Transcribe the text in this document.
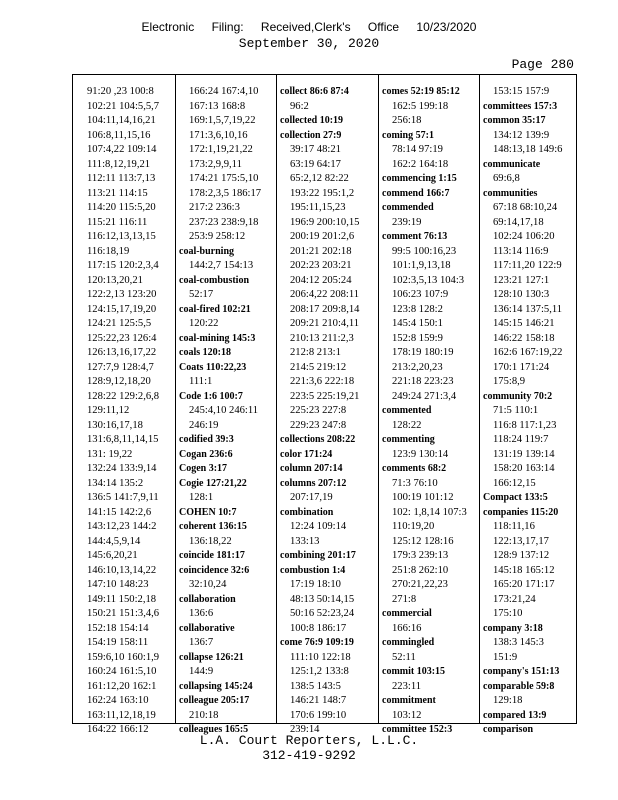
Electronic Filing: Received,Clerk's Office 10/23/2020
September 30, 2020
Page 280
91:20 ,23 100:8
102:21 104:5,5,7
104:11,14,16,21
106:8,11,15,16
107:4,22 109:14
111:8,12,19,21
112:11 113:7,13
113:21 114:15
114:20 115:5,20
115:21 116:11
116:12,13,13,15
116:18,19
117:15 120:2,3,4
120:13,20,21
122:2,13 123:20
124:15,17,19,20
124:21 125:5,5
125:22,23 126:4
126:13,16,17,22
127:7,9 128:4,7
128:9,12,18,20
128:22 129:2,6,8
129:11,12
130:16,17,18
131:6,8,11,14,15
131: 19,22
132:24 133:9,14
134:14 135:2
136:5 141:7,9,11
141:15 142:2,6
143:12,23 144:2
144:4,5,9,14
145:6,20,21
146:10,13,14,22
147:10 148:23
149:11 150:2,18
150:21 151:3,4,6
152:18 154:14
154:19 158:11
159:6,10 160:1,9
160:24 161:5,10
161:12,20 162:1
162:24 163:10
163:11,12,18,19
164:22 166:12
166:24 167:4,10
167:13 168:8
169:1,5,7,19,22
171:3,6,10,16
172:1,19,21,22
173:2,9,9,11
174:21 175:5,10
178:2,3,5 186:17
217:2 236:3
237:23 238:9,18
253:9 258:12
coal-burning
144:2,7 154:13
coal-combustion
52:17
coal-fired 102:21
120:22
coal-mining 145:3
coals 120:18
Coats 110:22,23
111:1
Code 1:6 100:7
245:4,10 246:11
246:19
codified 39:3
Cogan 236:6
Cogen 3:17
Cogie 127:21,22
128:1
COHEN 10:7
coherent 136:15
136:18,22
coincide 181:17
coincidence 32:6
32:10,24
collaboration
136:6
collaborative
136:7
collapse 126:21
144:9
collapsing 145:24
colleague 205:17
210:18
colleagues 165:5
collect 86:6 87:4
96:2
collected 10:19
collection 27:9
39:17 48:21
63:19 64:17
65:2,12 82:22
193:22 195:1,2
195:11,15,23
196:9 200:10,15
200:19 201:2,6
201:21 202:18
202:23 203:21
204:12 205:24
206:4,22 208:11
208:17 209:8,14
209:21 210:4,11
210:13 211:2,3
212:8 213:1
214:5 219:12
221:3,6 222:18
223:5 225:19,21
225:23 227:8
229:23 247:8
collections 208:22
color 171:24
column 207:14
columns 207:12
207:17,19
combination
12:24 109:14
133:13
combining 201:17
combustion 1:4
17:19 18:10
48:13 50:14,15
50:16 52:23,24
100:8 186:17
come 76:9 109:19
111:10 122:18
125:1,2 133:8
138:5 143:5
146:21 148:7
170:6 199:10
239:14
comes 52:19 85:12
162:5 199:18
256:18
coming 57:1
78:14 97:19
162:2 164:18
commencing 1:15
commend 166:7
commended
239:19
comment 76:13
99:5 100:16,23
101:1,9,13,18
102:3,5,13 104:3
106:23 107:9
123:8 128:2
145:4 150:1
152:8 159:9
178:19 180:19
213:2,20,23
221:18 223:23
249:24 271:3,4
commented
128:22
commenting
123:9 130:14
comments 68:2
71:3 76:10
100:19 101:12
102: 1,8,14 107:3
110:19,20
125:12 128:16
179:3 239:13
251:8 262:10
270:21,22,23
271:8
commercial
166:16
commingled
52:11
commit 103:15
223:11
commitment
103:12
committee 152:3
153:15 157:9
committees 157:3
common 35:17
134:12 139:9
148:13,18 149:6
communicate
69:6,8
communities
67:18 68:10,24
69:14,17,18
102:24 106:20
113:14 116:9
117:11,20 122:9
123:21 127:1
128:10 130:3
136:14 137:5,11
145:15 146:21
146:22 158:18
162:6 167:19,22
170:1 171:24
175:8,9
community 70:2
71:5 110:1
116:8 117:1,23
118:24 119:7
131:19 139:14
158:20 163:14
166:12,15
Compact 133:5
companies 115:20
118:11,16
122:13,17,17
128:9 137:12
145:18 165:12
165:20 171:17
173:21,24
175:10
company 3:18
138:3 145:3
151:9
company's 151:13
comparable 59:8
129:18
compared 13:9
comparison
L.A. Court Reporters, L.L.C.
312-419-9292
